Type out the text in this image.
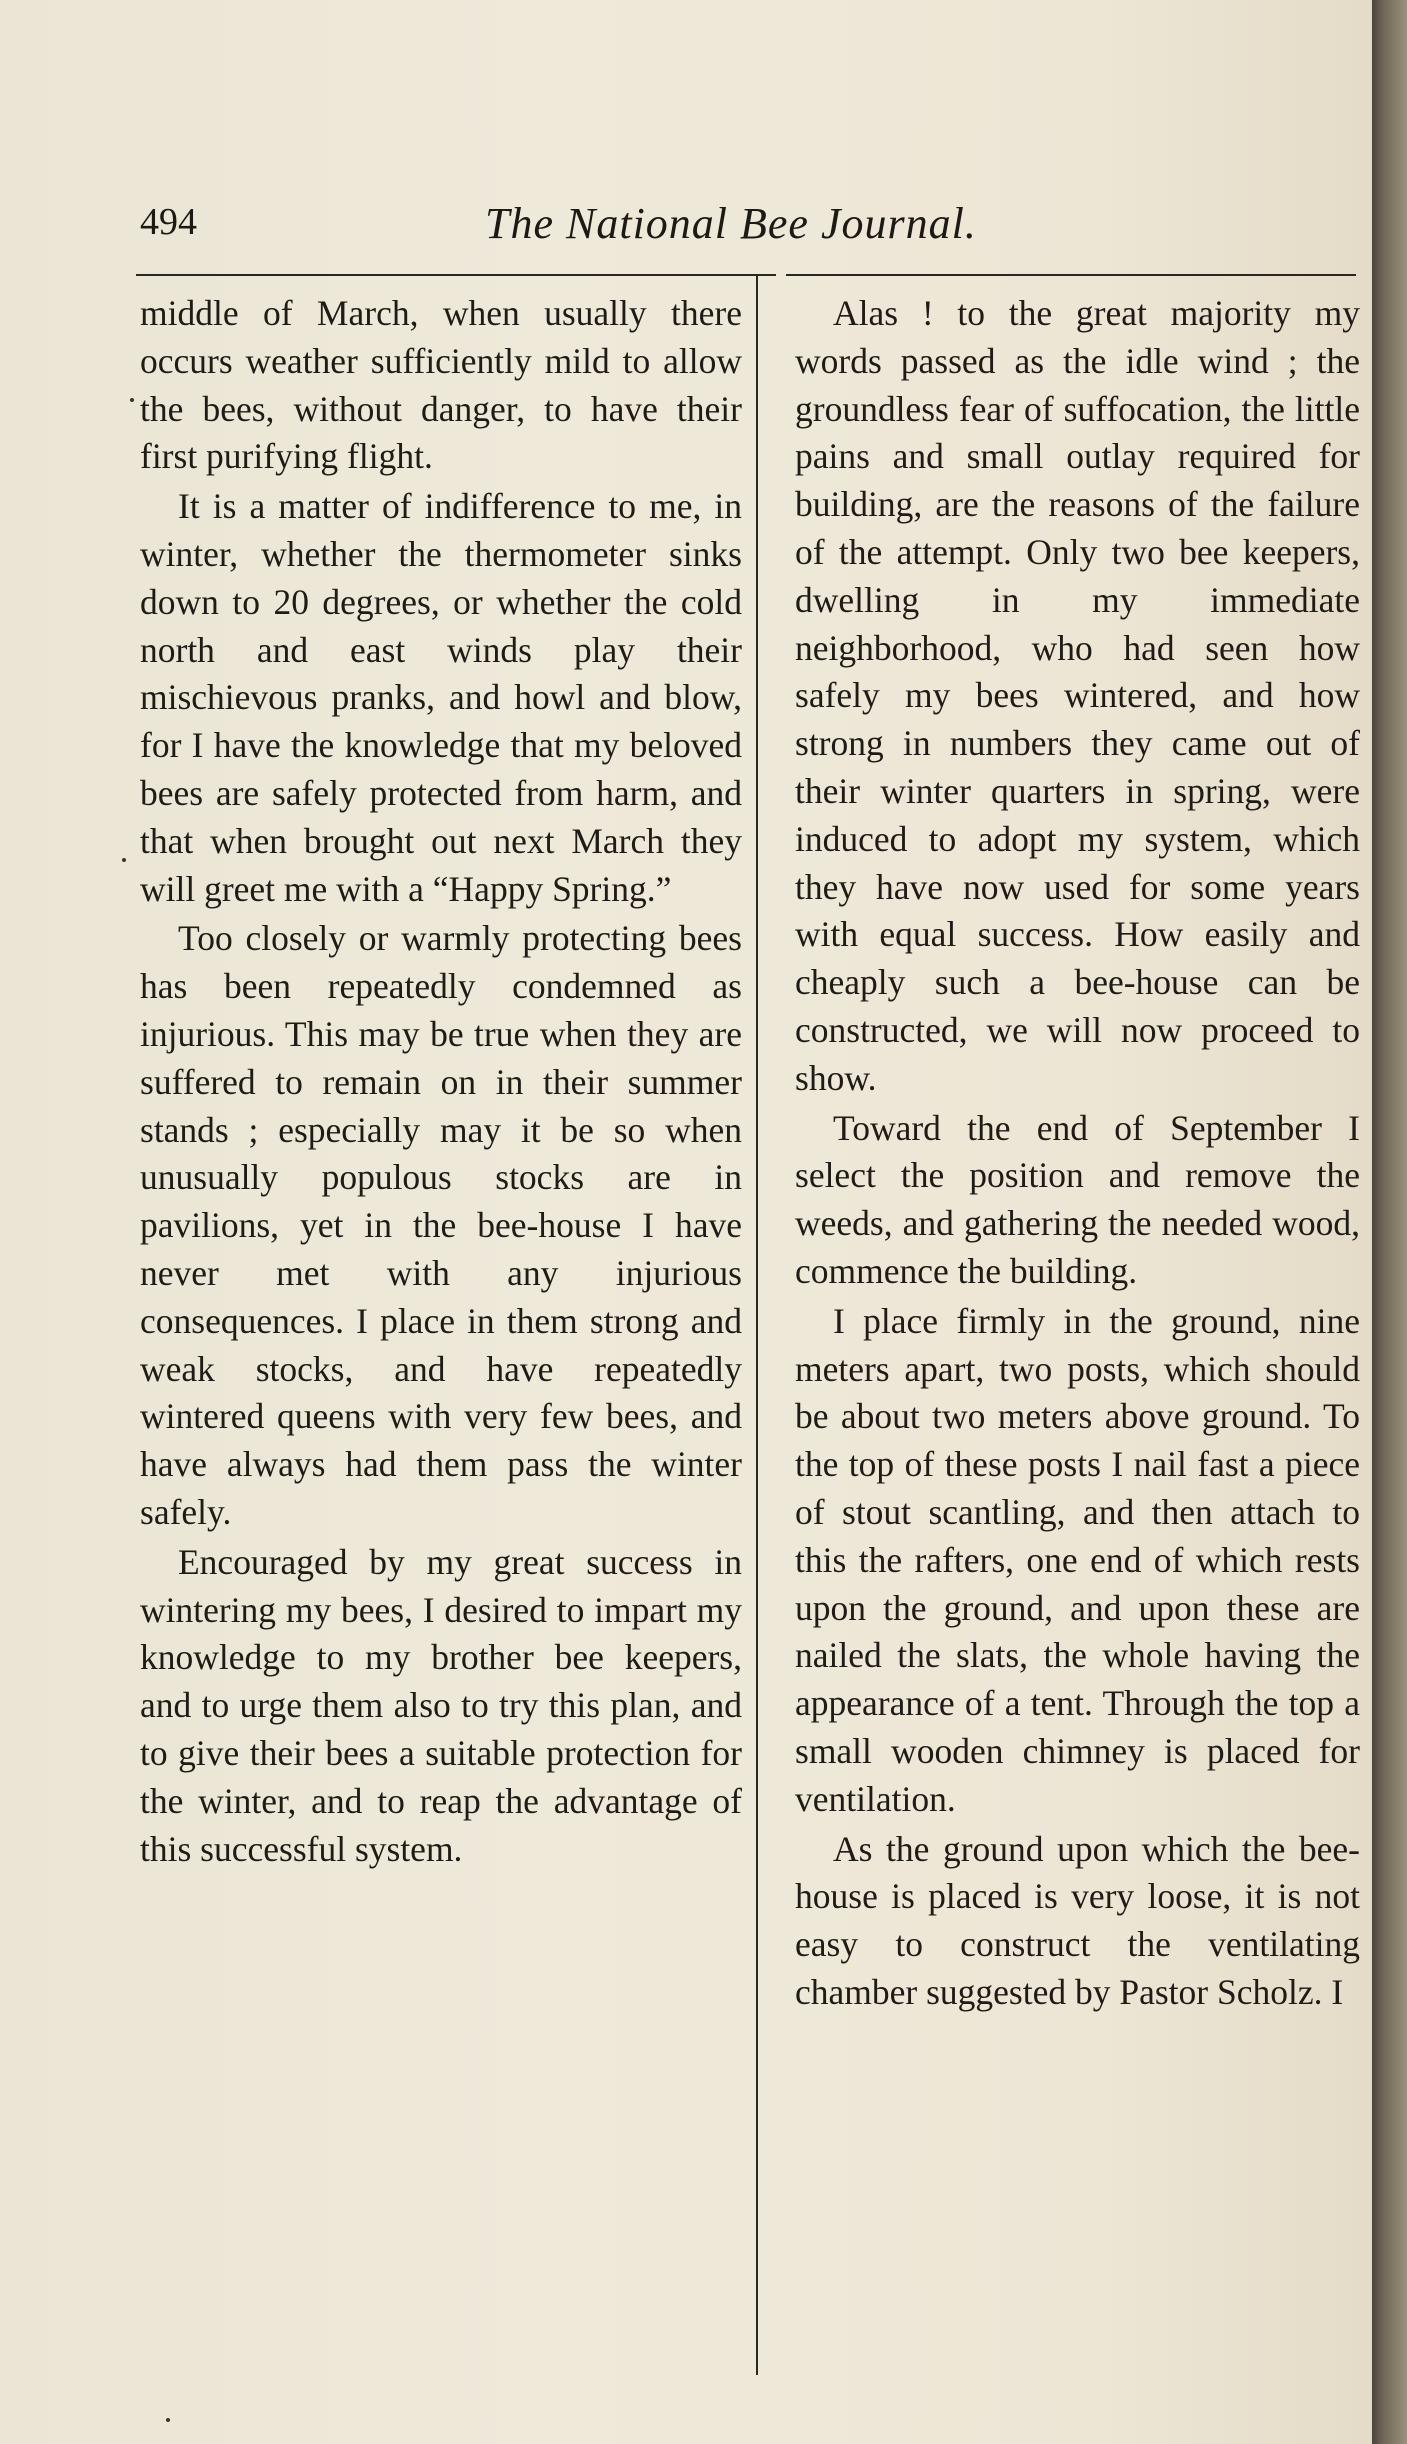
494	The National Bee Journal.

middle of March, when usually there occurs weather sufficiently mild to allow the bees, without danger, to have their first purifying flight.

It is a matter of indifference to me, in winter, whether the thermometer sinks down to 20 degrees, or whether the cold north and east winds play their mischievous pranks, and howl and blow, for I have the knowledge that my beloved bees are safely protected from harm, and that when brought out next March they will greet me with a “Happy Spring.”

Too closely or warmly protecting bees has been repeatedly condemned as injurious. This may be true when they are suffered to remain on in their summer stands ; especially may it be so when unusually populous stocks are in pavilions, yet in the bee-house I have never met with any injurious consequences. I place in them strong and weak stocks, and have repeatedly wintered queens with very few bees, and have always had them pass the winter safely.

Encouraged by my great success in wintering my bees, I desired to impart my knowledge to my brother bee keepers, and to urge them also to try this plan, and to give their bees a suitable protection for the winter, and to reap the advantage of this successful system.

Alas ! to the great majority my words passed as the idle wind ; the groundless fear of suffocation, the little pains and small outlay required for building, are the reasons of the failure of the attempt. Only two bee keepers, dwelling in my immediate neighborhood, who had seen how safely my bees wintered, and how strong in numbers they came out of their winter quarters in spring, were induced to adopt my system, which they have now used for some years with equal success. How easily and cheaply such a bee-house can be constructed, we will now proceed to show.

Toward the end of September I select the position and remove the weeds, and gathering the needed wood, commence the building.

I place firmly in the ground, nine meters apart, two posts, which should be about two meters above ground. To the top of these posts I nail fast a piece of stout scantling, and then attach to this the rafters, one end of which rests upon the ground, and upon these are nailed the slats, the whole having the appearance of a tent. Through the top a small wooden chimney is placed for ventilation.

As the ground upon which the bee-house is placed is very loose, it is not easy to construct the ventilating chamber suggested by Pastor Scholz. I
